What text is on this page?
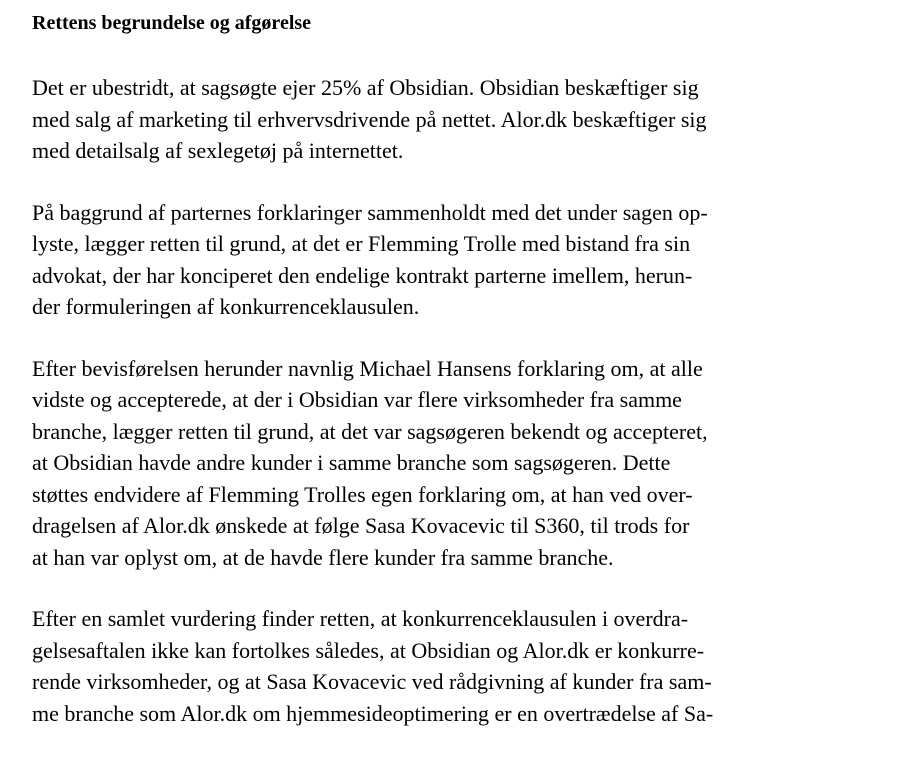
Rettens begrundelse og afgørelse
Det er ubestridt, at sagsøgte ejer 25% af Obsidian. Obsidian beskæftiger sig
med salg af marketing til erhvervsdrivende på nettet. Alor.dk beskæftiger sig
med detailsalg af sexlegetøj på internettet.
På baggrund af parternes forklaringer sammenholdt med det under sagen op-
lyste, lægger retten til grund, at det er Flemming Trolle med bistand fra sin
advokat, der har konciperet den endelige kontrakt parterne imellem, herun-
der formuleringen af konkurrenceklausulen.
Efter bevisførelsen herunder navnlig Michael Hansens forklaring om, at alle
vidste og accepterede, at der i Obsidian var flere virksomheder fra samme
branche, lægger retten til grund, at det var sagsøgeren bekendt og accepteret,
at Obsidian havde andre kunder i samme branche som sagsøgeren. Dette
støttes endvidere af Flemming Trolles egen forklaring om, at han ved over-
dragelsen af Alor.dk ønskede at følge Sasa Kovacevic til S360, til trods for
at han var oplyst om, at de havde flere kunder fra samme branche.
Efter en samlet vurdering finder retten, at konkurrenceklausulen i overdra-
gelsesaftalen ikke kan fortolkes således, at Obsidian og Alor.dk er konkurre-
rende virksomheder, og at Sasa Kovacevic ved rådgivning af kunder fra sam-
me branche som Alor.dk om hjemmesideoptimering er en overtrædelse af Sa-
